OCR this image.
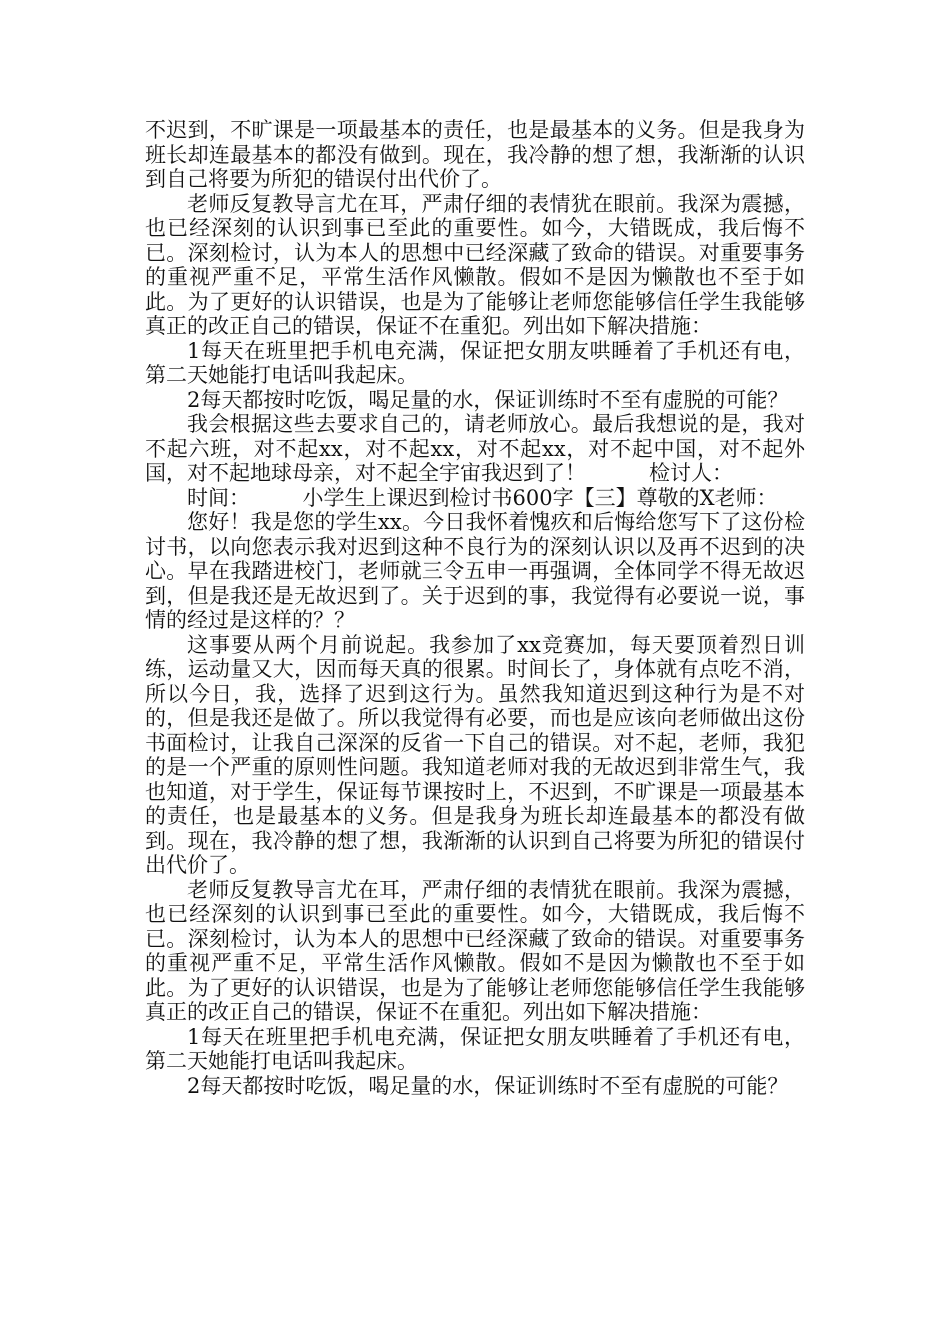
不迟到，不旷课是一项最基本的责任，也是最基本的义务。但是我身为班长却连最基本的都没有做到。现在，我冷静的想了想，我渐渐的认识到自己将要为所犯的错误付出代价了。

老师反复教导言尤在耳，严肃仔细的表情犹在眼前。我深为震撼，也已经深刻的认识到事已至此的重要性。如今，大错既成，我后悔不已。深刻检讨，认为本人的思想中已经深藏了致命的错误。对重要事务的重视严重不足，平常生活作风懒散。假如不是因为懒散也不至于如此。为了更好的认识错误，也是为了能够让老师您能够信任学生我能够真正的改正自己的错误，保证不在重犯。列出如下解决措施：

1每天在班里把手机电充满，保证把女朋友哄睡着了手机还有电，第二天她能打电话叫我起床。

2每天都按时吃饭，喝足量的水，保证训练时不至有虚脱的可能？

我会根据这些去要求自己的，请老师放心。最后我想说的是，我对不起六班，对不起xx，对不起xx，对不起xx，对不起中国，对不起外国，对不起地球母亲，对不起全宇宙我迟到了！　　　检讨人：

时间：　　　小学生上课迟到检讨书600字【三】尊敬的X老师：

您好！我是您的学生xx。今日我怀着愧疚和后悔给您写下了这份检讨书，以向您表示我对迟到这种不良行为的深刻认识以及再不迟到的决心。早在我踏进校门，老师就三令五申一再强调，全体同学不得无故迟到，但是我还是无故迟到了。关于迟到的事，我觉得有必要说一说，事情的经过是这样的？？

这事要从两个月前说起。我参加了xx竞赛加，每天要顶着烈日训练，运动量又大，因而每天真的很累。时间长了，身体就有点吃不消，所以今日，我，选择了迟到这行为。虽然我知道迟到这种行为是不对的，但是我还是做了。所以我觉得有必要，而也是应该向老师做出这份书面检讨，让我自己深深的反省一下自己的错误。对不起，老师，我犯的是一个严重的原则性问题。我知道老师对我的无故迟到非常生气，我也知道，对于学生，保证每节课按时上，不迟到，不旷课是一项最基本的责任，也是最基本的义务。但是我身为班长却连最基本的都没有做到。现在，我冷静的想了想，我渐渐的认识到自己将要为所犯的错误付出代价了。

老师反复教导言尤在耳，严肃仔细的表情犹在眼前。我深为震撼，也已经深刻的认识到事已至此的重要性。如今，大错既成，我后悔不已。深刻检讨，认为本人的思想中已经深藏了致命的错误。对重要事务的重视严重不足，平常生活作风懒散。假如不是因为懒散也不至于如此。为了更好的认识错误，也是为了能够让老师您能够信任学生我能够真正的改正自己的错误，保证不在重犯。列出如下解决措施：

1每天在班里把手机电充满，保证把女朋友哄睡着了手机还有电，第二天她能打电话叫我起床。

2每天都按时吃饭，喝足量的水，保证训练时不至有虚脱的可能？
